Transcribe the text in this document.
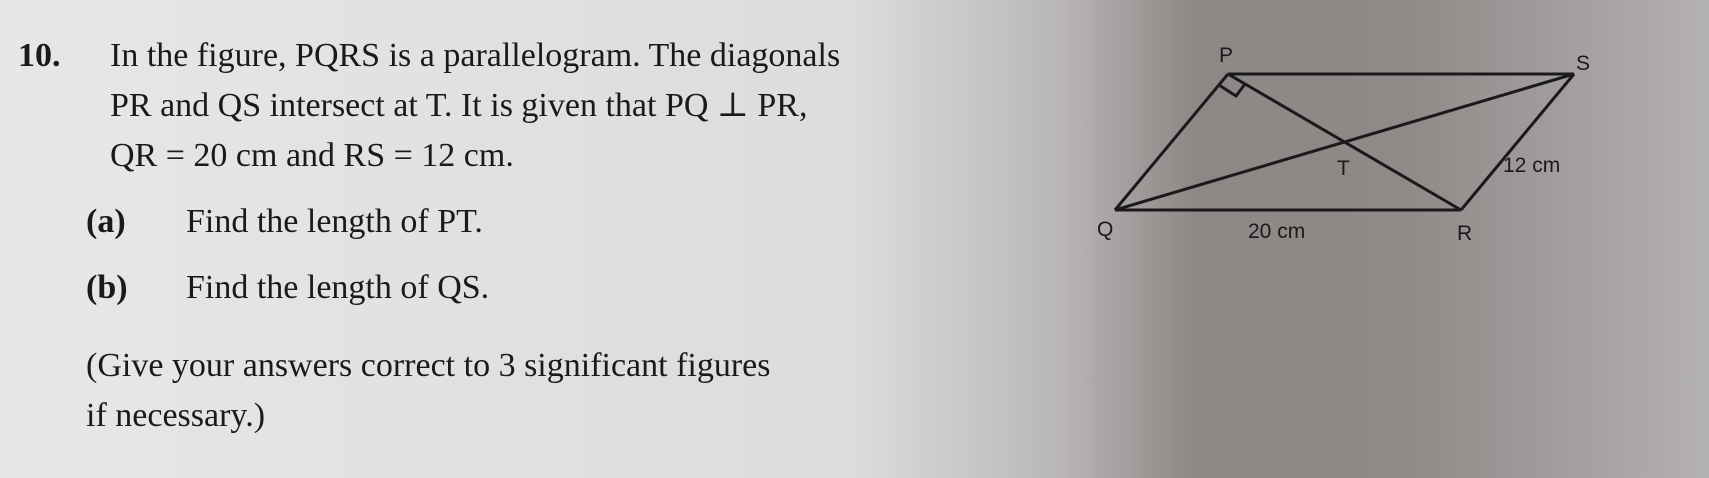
10. In the figure, PQRS is a parallelogram. The diagonals
PR and QS intersect at T. It is given that PQ ⊥ PR,
QR = 20 cm and RS = 12 cm.
(a) Find the length of PT.
(b) Find the length of QS.
(Give your answers correct to 3 significant figures
if necessary.)
P	S
Q	R
T	12 cm
20 cm
